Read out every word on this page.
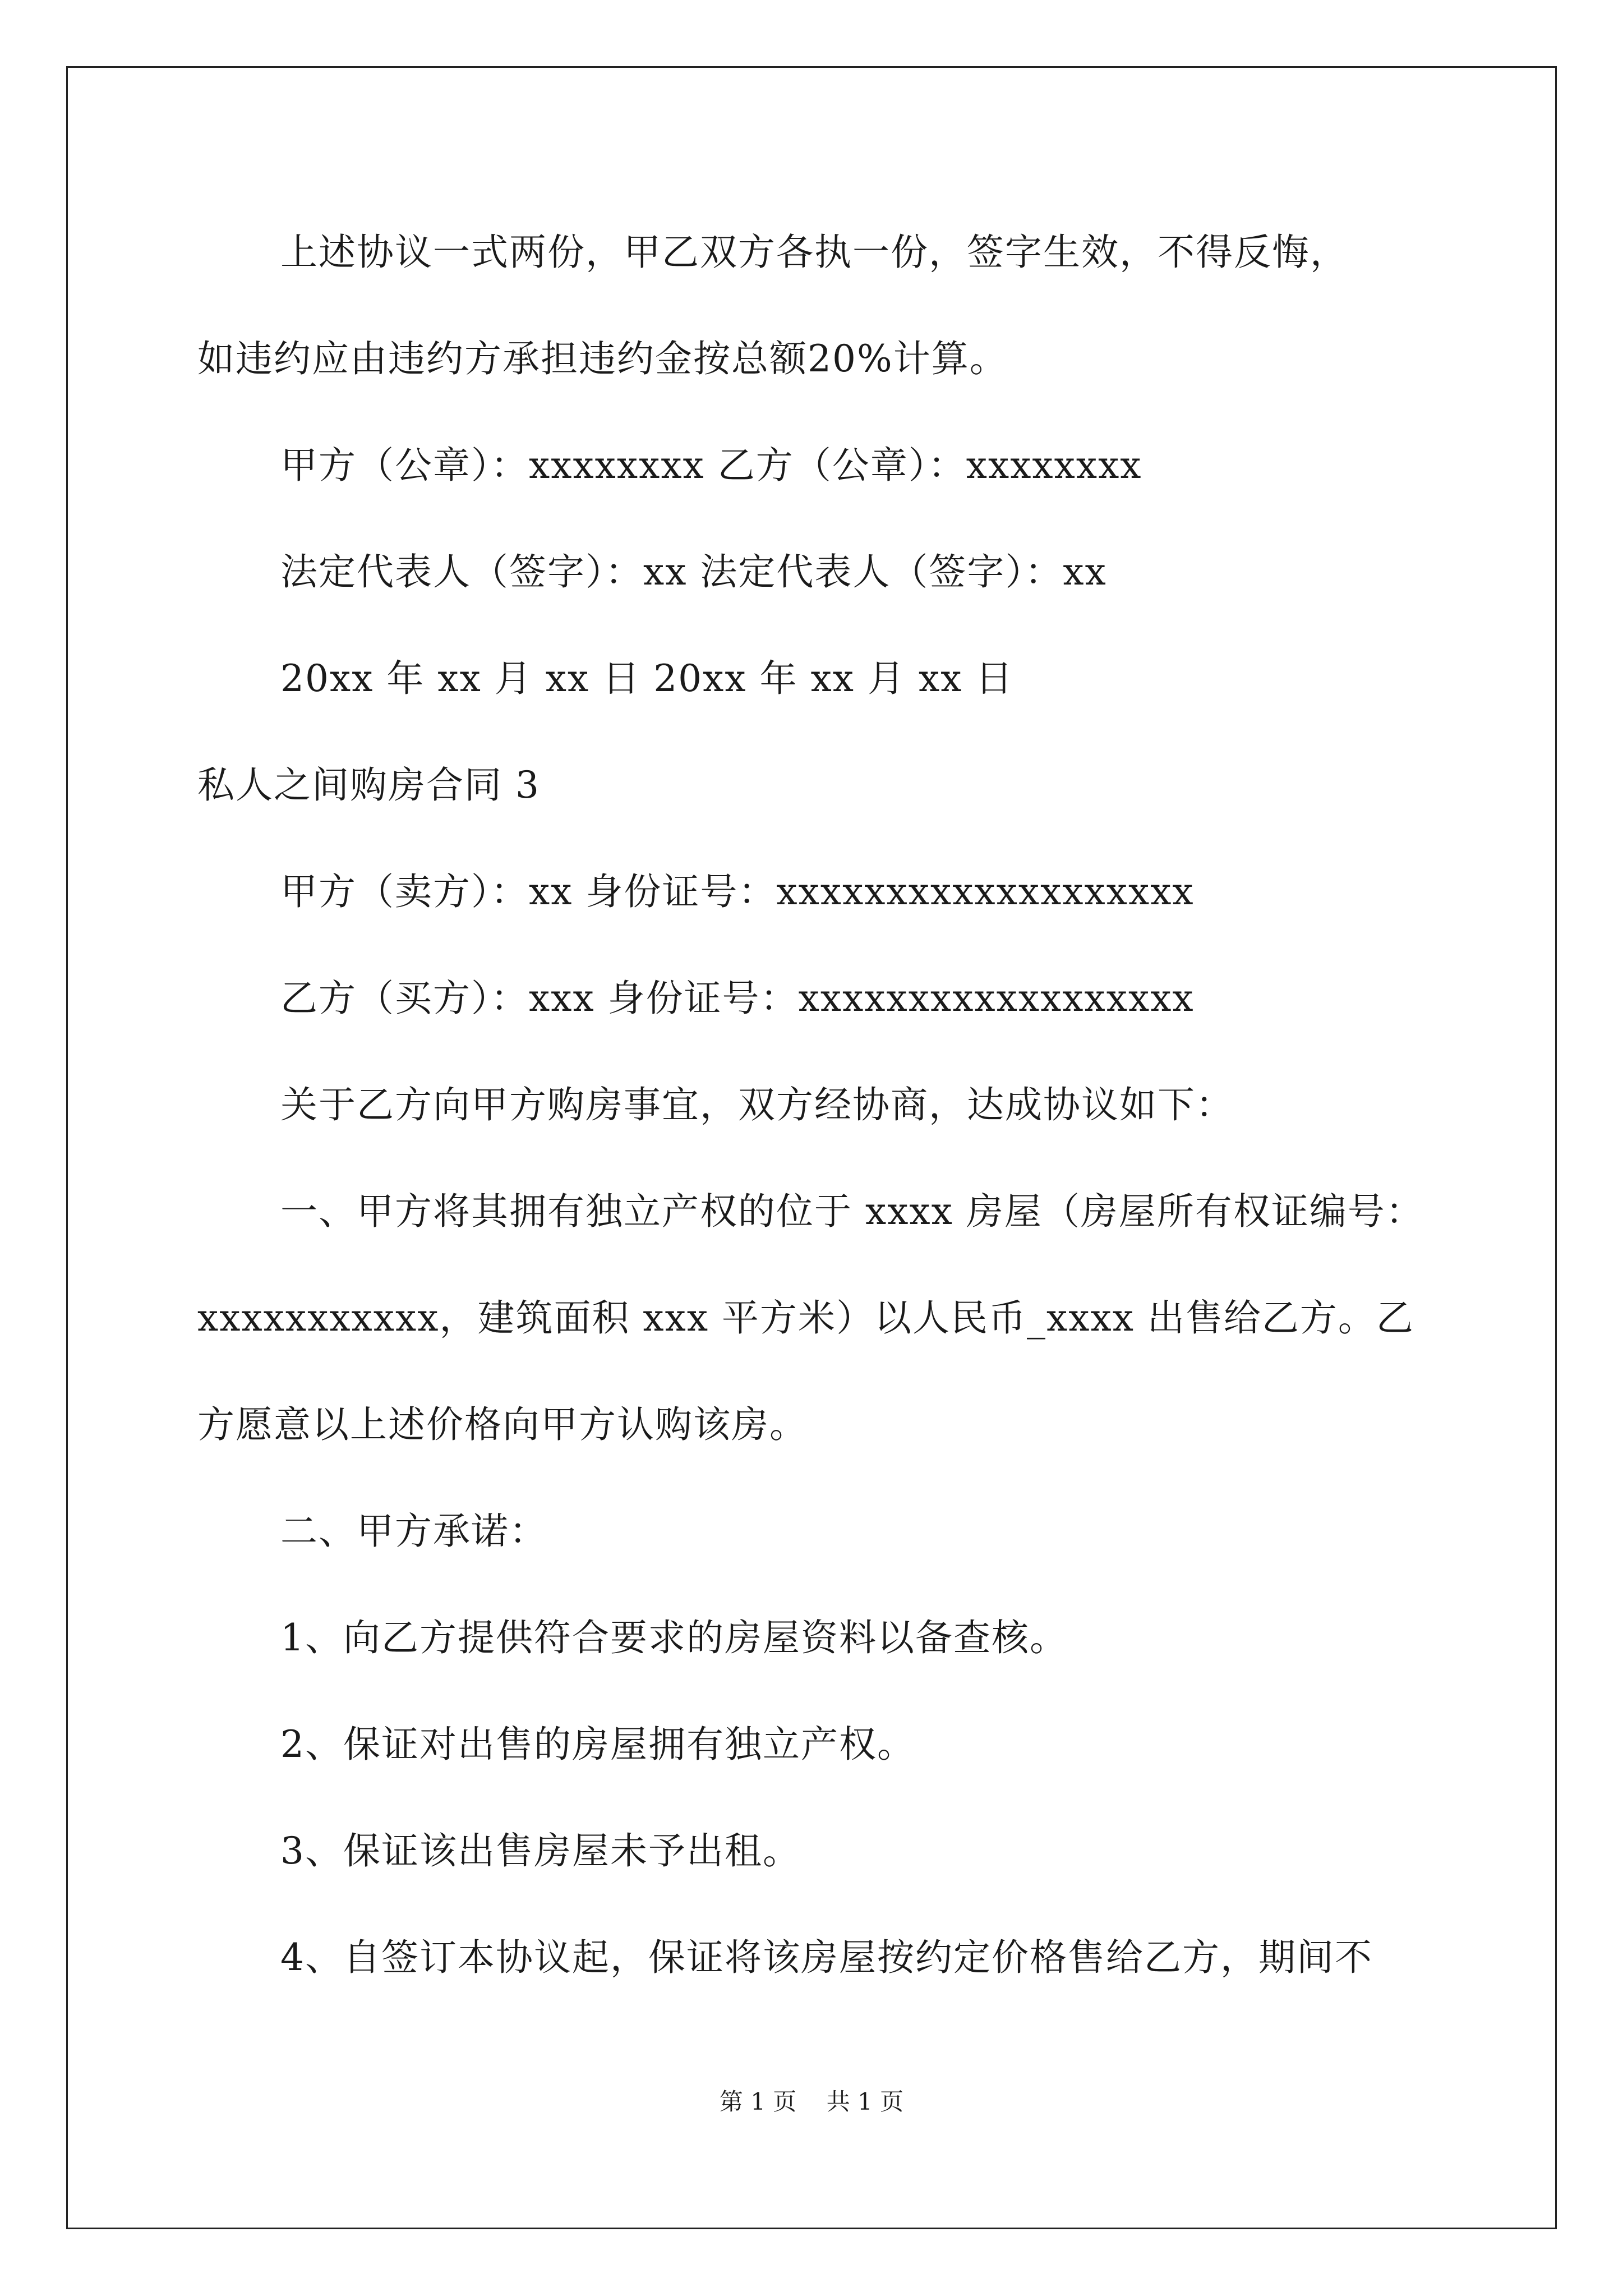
上述协议一式两份，甲乙双方各执一份，签字生效，不得反悔，
如违约应由违约方承担违约金按总额20%计算。
甲方（公章）：xxxxxxxx 乙方（公章）：xxxxxxxx
法定代表人（签字）：xx 法定代表人（签字）：xx
20xx 年 xx 月 xx 日 20xx 年 xx 月 xx 日
私人之间购房合同 3
甲方（卖方）：xx 身份证号：xxxxxxxxxxxxxxxxxxx
乙方（买方）：xxx 身份证号：xxxxxxxxxxxxxxxxxx
关于乙方向甲方购房事宜，双方经协商，达成协议如下：
一、甲方将其拥有独立产权的位于 xxxx 房屋（房屋所有权证编号：
xxxxxxxxxxx，建筑面积 xxx 平方米）以人民币_xxxx 出售给乙方。乙
方愿意以上述价格向甲方认购该房。
二、甲方承诺：
1、向乙方提供符合要求的房屋资料以备查核。
2、保证对出售的房屋拥有独立产权。
3、保证该出售房屋未予出租。
4、自签订本协议起，保证将该房屋按约定价格售给乙方，期间不
第 1 页    共 1 页
